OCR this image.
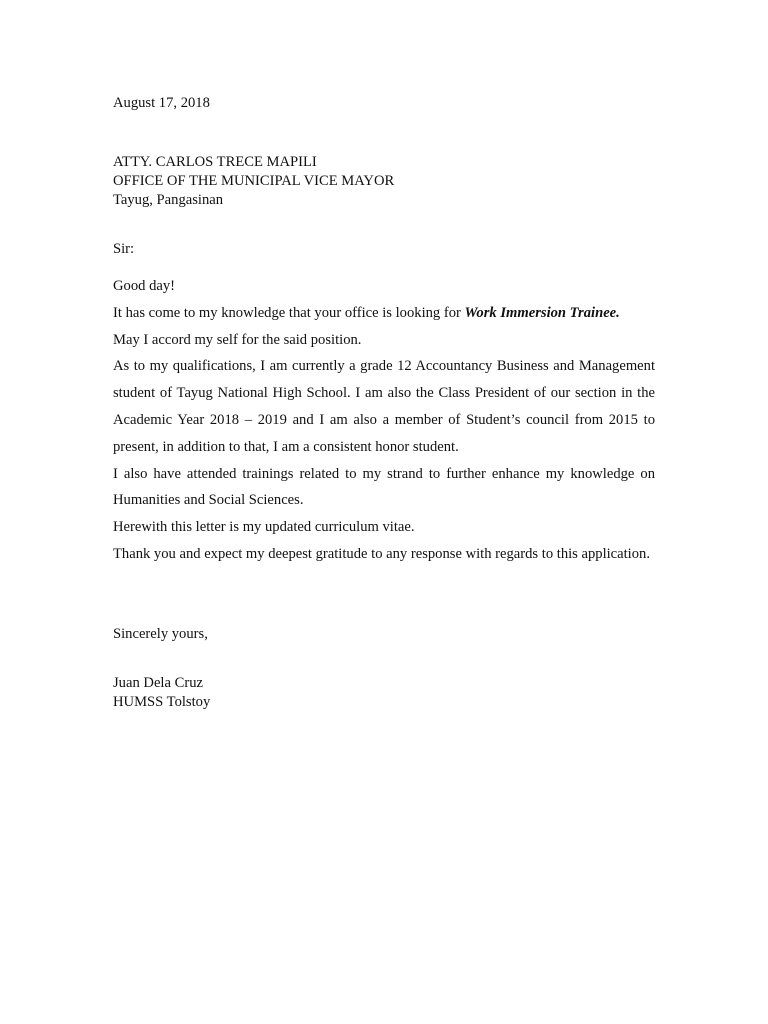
August 17, 2018
ATTY. CARLOS TRECE MAPILI
OFFICE OF THE MUNICIPAL VICE MAYOR
Tayug, Pangasinan
Sir:

Good day!

It has come to my knowledge that your office is looking for Work Immersion Trainee.

May I accord my self for the said position.

As to my qualifications, I am currently a grade 12 Accountancy Business and Management student of Tayug National High School. I am also the Class President of our section in the Academic Year 2018 – 2019 and I am also a member of Student’s council from 2015 to present, in addition to that, I am a consistent honor student.

I also have attended trainings related to my strand to further enhance my knowledge on Humanities and Social Sciences.

Herewith this letter is my updated curriculum vitae.

Thank you and expect my deepest gratitude to any response with regards to this application.

Sincerely yours,
Juan Dela Cruz
HUMSS Tolstoy
